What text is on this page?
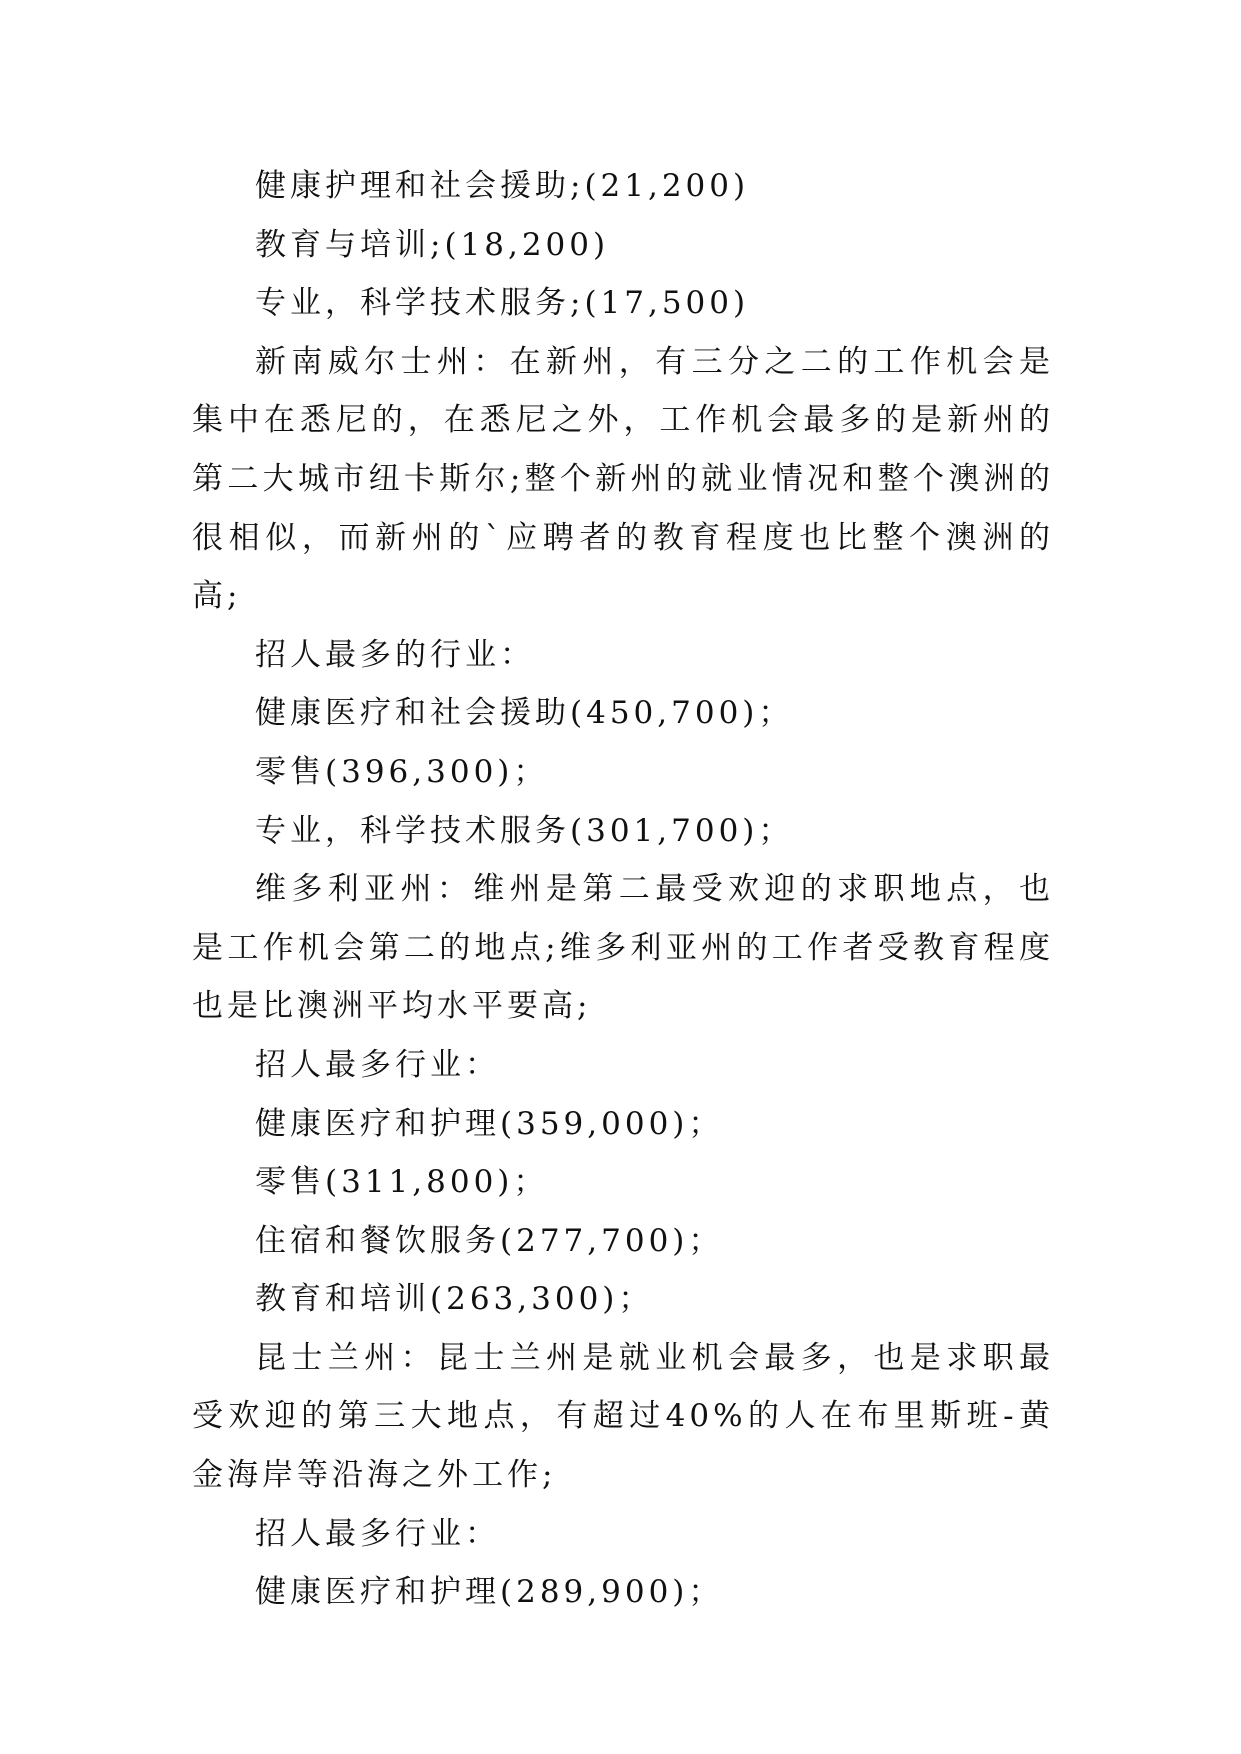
健康护理和社会援助;(21,200)

教育与培训;(18,200)

专业，科学技术服务;(17,500)

新南威尔士州：在新州，有三分之二的工作机会是集中在悉尼的，在悉尼之外，工作机会最多的是新州的第二大城市纽卡斯尔;整个新州的就业情况和整个澳洲的很相似，而新州的`应聘者的教育程度也比整个澳洲的高;

招人最多的行业：

健康医疗和社会援助(450,700)；

零售(396,300)；

专业，科学技术服务(301,700)；

维多利亚州：维州是第二最受欢迎的求职地点，也是工作机会第二的地点;维多利亚州的工作者受教育程度也是比澳洲平均水平要高;

招人最多行业：

健康医疗和护理(359,000)；

零售(311,800)；

住宿和餐饮服务(277,700)；

教育和培训(263,300)；

昆士兰州：昆士兰州是就业机会最多，也是求职最受欢迎的第三大地点，有超过40%的人在布里斯班-黄金海岸等沿海之外工作;

招人最多行业：

健康医疗和护理(289,900)；
